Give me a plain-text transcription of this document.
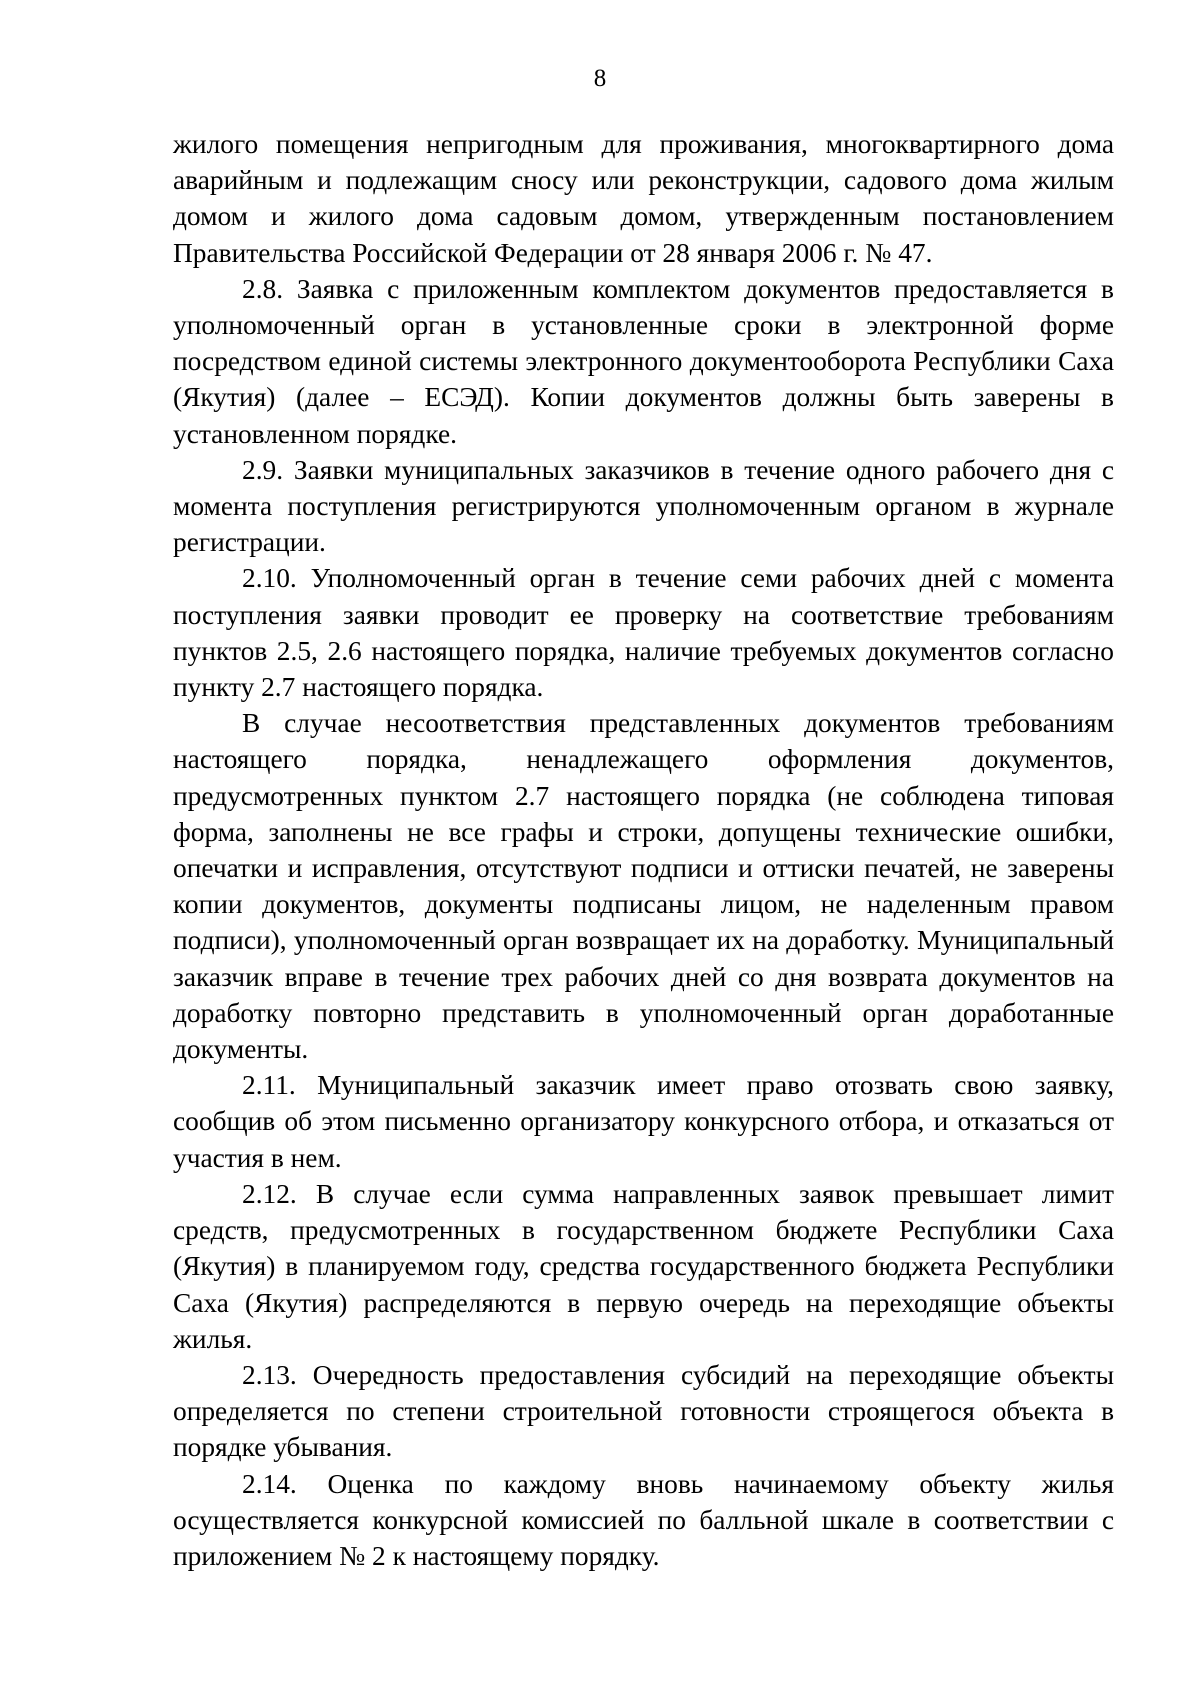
8

жилого помещения непригодным для проживания, многоквартирного дома аварийным и подлежащим сносу или реконструкции, садового дома жилым домом и жилого дома садовым домом, утвержденным постановлением Правительства Российской Федерации от 28 января 2006 г. № 47.

2.8. Заявка с приложенным комплектом документов предоставляется в уполномоченный орган в установленные сроки в электронной форме посредством единой системы электронного документооборота Республики Саха (Якутия) (далее – ЕСЭД). Копии документов должны быть заверены в установленном порядке.

2.9. Заявки муниципальных заказчиков в течение одного рабочего дня с момента поступления регистрируются уполномоченным органом в журнале регистрации.

2.10. Уполномоченный орган в течение семи рабочих дней с момента поступления заявки проводит ее проверку на соответствие требованиям пунктов 2.5, 2.6 настоящего порядка, наличие требуемых документов согласно пункту 2.7 настоящего порядка.

В случае несоответствия представленных документов требованиям настоящего порядка, ненадлежащего оформления документов, предусмотренных пунктом 2.7 настоящего порядка (не соблюдена типовая форма, заполнены не все графы и строки, допущены технические ошибки, опечатки и исправления, отсутствуют подписи и оттиски печатей, не заверены копии документов, документы подписаны лицом, не наделенным правом подписи), уполномоченный орган возвращает их на доработку. Муниципальный заказчик вправе в течение трех рабочих дней со дня возврата документов на доработку повторно представить в уполномоченный орган доработанные документы.

2.11. Муниципальный заказчик имеет право отозвать свою заявку, сообщив об этом письменно организатору конкурсного отбора, и отказаться от участия в нем.

2.12. В случае если сумма направленных заявок превышает лимит средств, предусмотренных в государственном бюджете Республики Саха (Якутия) в планируемом году, средства государственного бюджета Республики Саха (Якутия) распределяются в первую очередь на переходящие объекты жилья.

2.13. Очередность предоставления субсидий на переходящие объекты определяется по степени строительной готовности строящегося объекта в порядке убывания.

2.14. Оценка по каждому вновь начинаемому объекту жилья осуществляется конкурсной комиссией по балльной шкале в соответствии с приложением № 2 к настоящему порядку.
